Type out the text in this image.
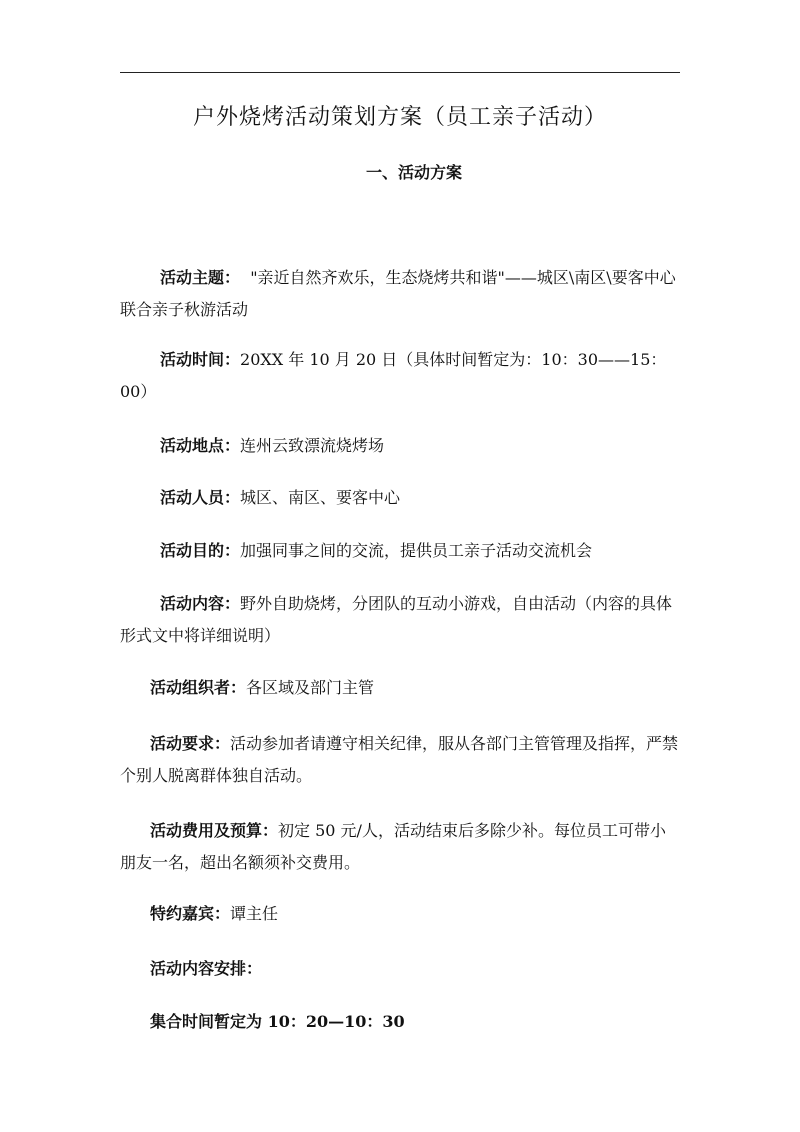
户外烧烤活动策划方案（员工亲子活动）
一、活动方案

活动主题：  "亲近自然齐欢乐，生态烧烤共和谐"——城区\南区\要客中心联合亲子秋游活动

活动时间：20XX 年 10 月 20 日（具体时间暂定为：10：30——15：00）

活动地点：连州云致漂流烧烤场

活动人员：城区、南区、要客中心

活动目的：加强同事之间的交流，提供员工亲子活动交流机会

活动内容：野外自助烧烤，分团队的互动小游戏，自由活动（内容的具体形式文中将详细说明）

活动组织者：各区域及部门主管

活动要求：活动参加者请遵守相关纪律，服从各部门主管管理及指挥，严禁个别人脱离群体独自活动。

活动费用及预算：初定 50 元/人，活动结束后多除少补。每位员工可带小朋友一名，超出名额须补交费用。

特约嘉宾：谭主任

活动内容安排：

集合时间暂定为 10：20—10：30
